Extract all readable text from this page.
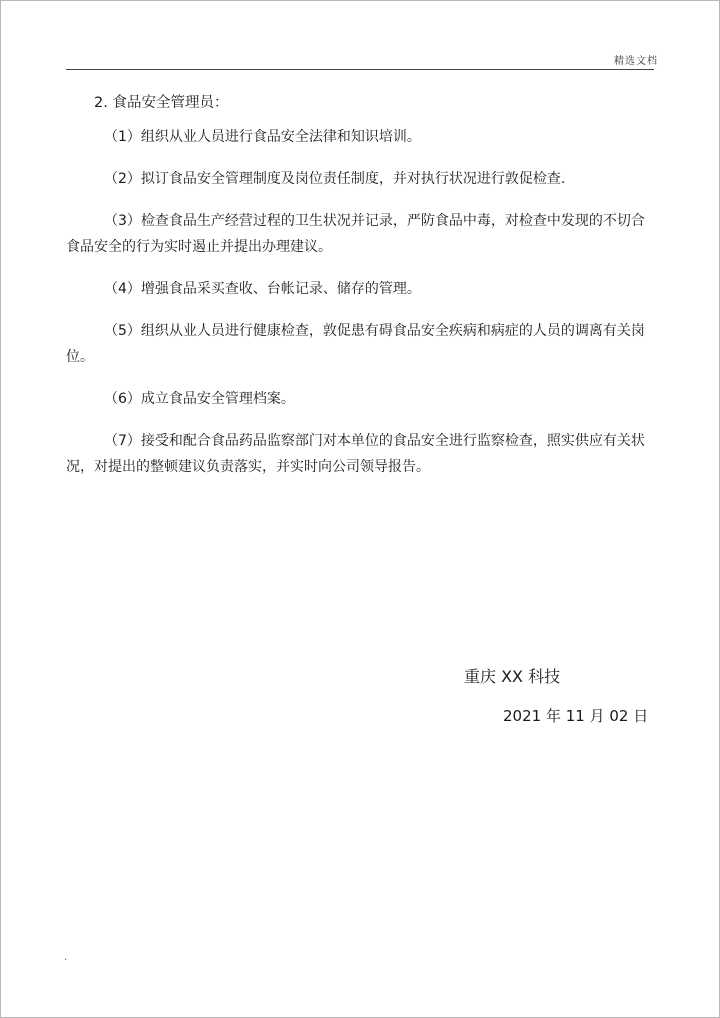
精选文档

2. 食品安全管理员：

（1）组织从业人员进行食品安全法律和知识培训。

（2）拟订食品安全管理制度及岗位责任制度，并对执行状况进行敦促检查.

（3）检查食品生产经营过程的卫生状况并记录，严防食品中毒，对检查中发现的不切合食品安全的行为实时遏止并提出办理建议。

（4）增强食品采买查收、台帐记录、储存的管理。

（5）组织从业人员进行健康检查，敦促患有碍食品安全疾病和病症的人员的调离有关岗位。

（6）成立食品安全管理档案。

（7）接受和配合食品药品监察部门对本单位的食品安全进行监察检查，照实供应有关状况，对提出的整顿建议负责落实，并实时向公司领导报告。

重庆 XX 科技
2021 年 11 月 02 日
.
